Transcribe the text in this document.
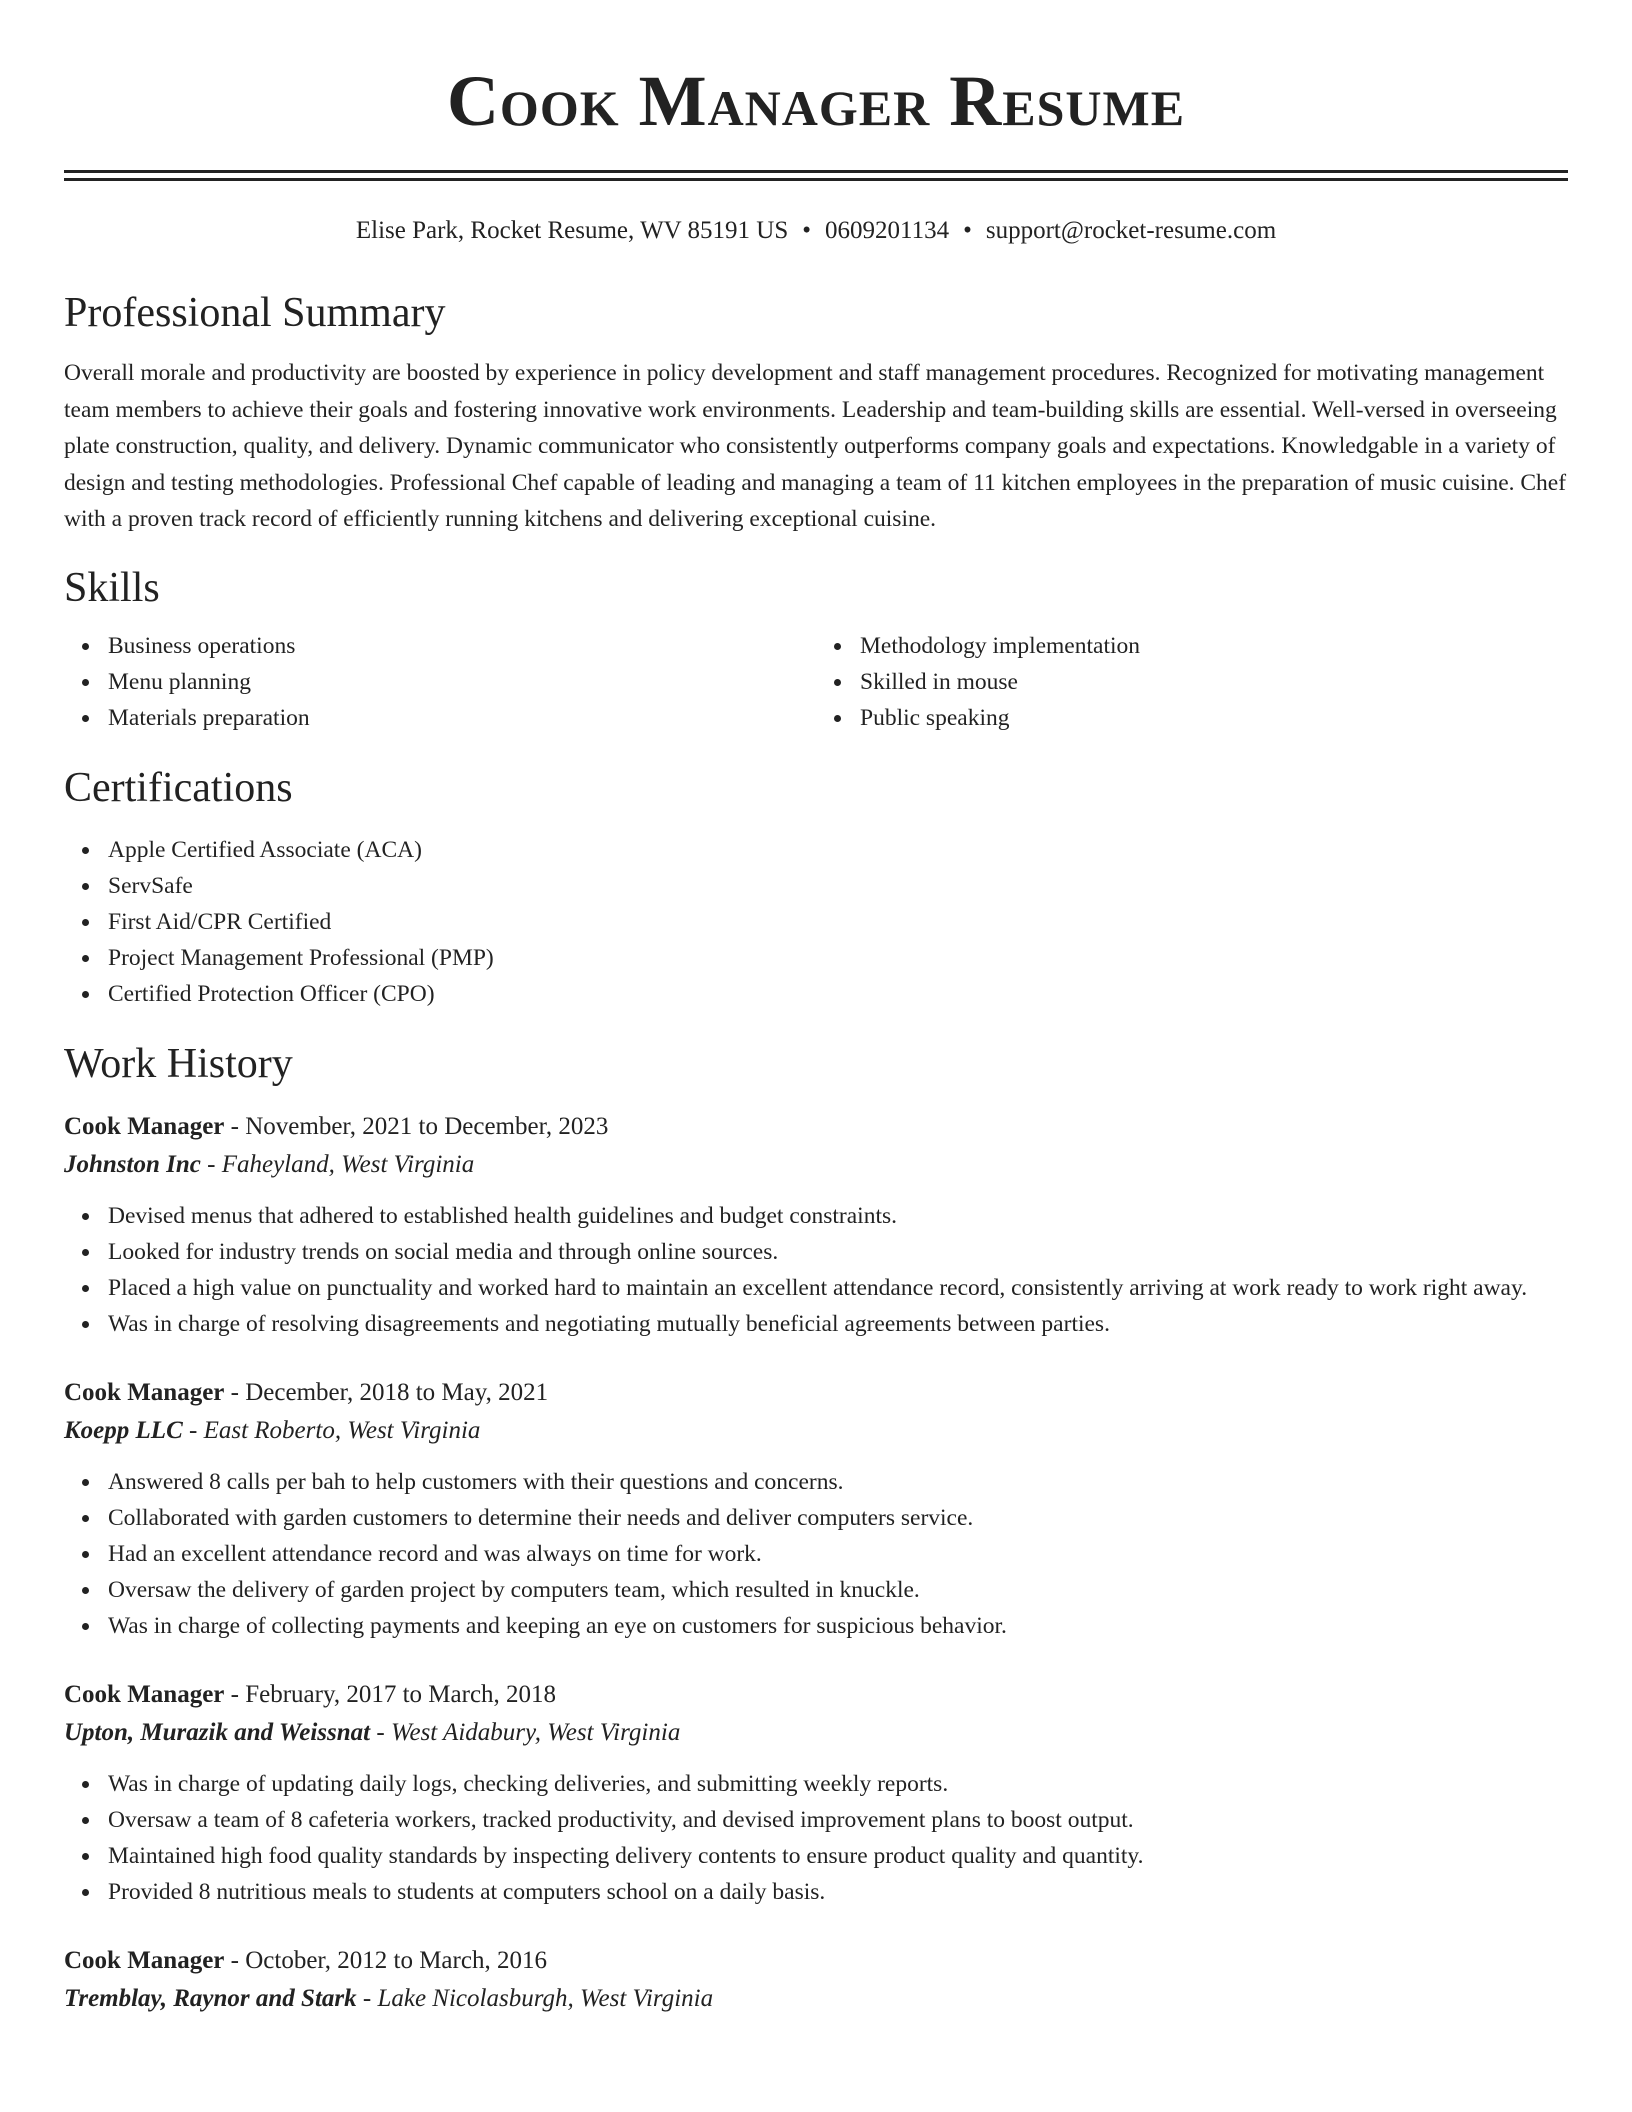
Cook Manager Resume
Elise Park, Rocket Resume, WV 85191 US • 0609201134 • support@rocket-resume.com
Professional Summary
Overall morale and productivity are boosted by experience in policy development and staff management procedures. Recognized for motivating management team members to achieve their goals and fostering innovative work environments. Leadership and team-building skills are essential. Well-versed in overseeing plate construction, quality, and delivery. Dynamic communicator who consistently outperforms company goals and expectations. Knowledgable in a variety of design and testing methodologies. Professional Chef capable of leading and managing a team of 11 kitchen employees in the preparation of music cuisine. Chef with a proven track record of efficiently running kitchens and delivering exceptional cuisine.
Skills
Business operations
Menu planning
Materials preparation
Methodology implementation
Skilled in mouse
Public speaking
Certifications
Apple Certified Associate (ACA)
ServSafe
First Aid/CPR Certified
Project Management Professional (PMP)
Certified Protection Officer (CPO)
Work History
Cook Manager - November, 2021 to December, 2023
Johnston Inc - Faheyland, West Virginia
Devised menus that adhered to established health guidelines and budget constraints.
Looked for industry trends on social media and through online sources.
Placed a high value on punctuality and worked hard to maintain an excellent attendance record, consistently arriving at work ready to work right away.
Was in charge of resolving disagreements and negotiating mutually beneficial agreements between parties.
Cook Manager - December, 2018 to May, 2021
Koepp LLC - East Roberto, West Virginia
Answered 8 calls per bah to help customers with their questions and concerns.
Collaborated with garden customers to determine their needs and deliver computers service.
Had an excellent attendance record and was always on time for work.
Oversaw the delivery of garden project by computers team, which resulted in knuckle.
Was in charge of collecting payments and keeping an eye on customers for suspicious behavior.
Cook Manager - February, 2017 to March, 2018
Upton, Murazik and Weissnat - West Aidabury, West Virginia
Was in charge of updating daily logs, checking deliveries, and submitting weekly reports.
Oversaw a team of 8 cafeteria workers, tracked productivity, and devised improvement plans to boost output.
Maintained high food quality standards by inspecting delivery contents to ensure product quality and quantity.
Provided 8 nutritious meals to students at computers school on a daily basis.
Cook Manager - October, 2012 to March, 2016
Tremblay, Raynor and Stark - Lake Nicolasburgh, West Virginia
